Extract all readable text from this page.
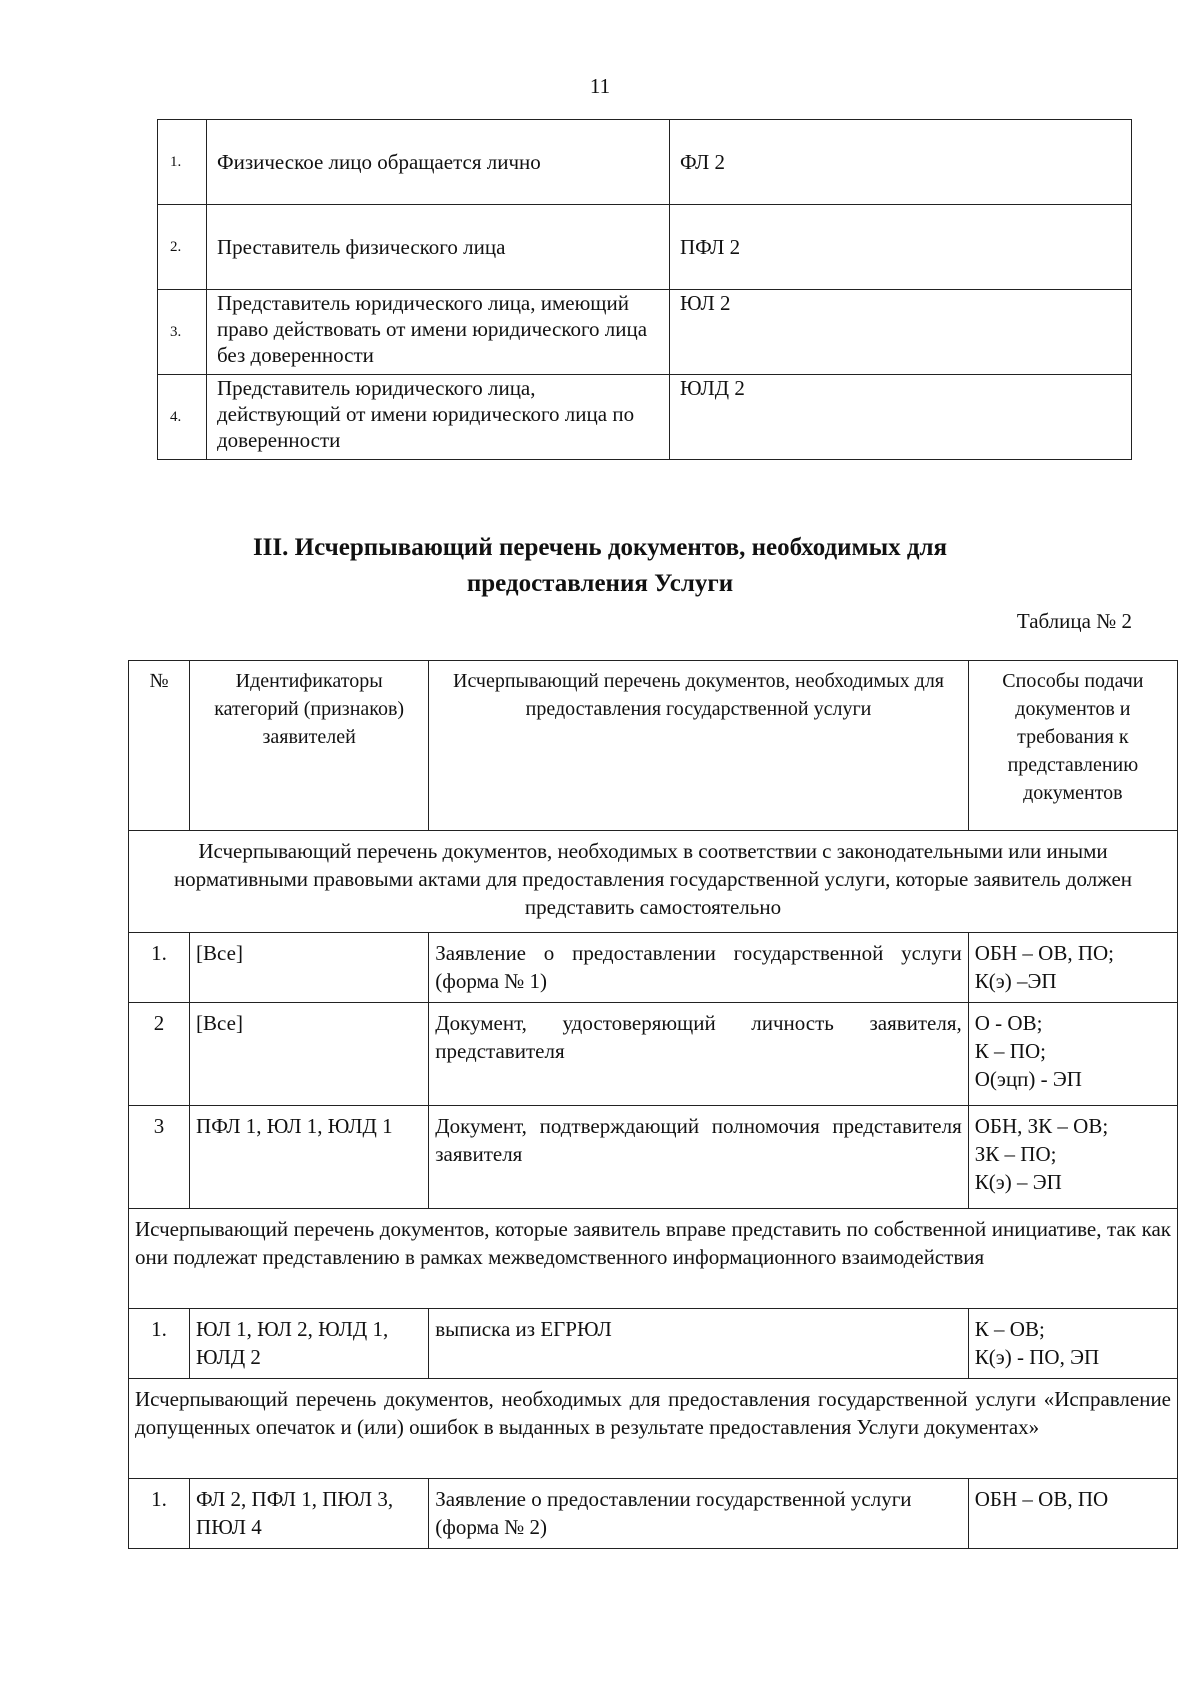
11
1.	Физическое лицо обращается лично	ФЛ 2
2.	Преставитель физического лица	ПФЛ 2
3.	Представитель юридического лица, имеющий право действовать от имени юридического лица без доверенности	ЮЛ 2
4.	Представитель юридического лица, действующий от имени юридического лица по доверенности	ЮЛД 2
III. Исчерпывающий перечень документов, необходимых для
предоставления Услуги
Таблица № 2
№	Идентификаторы категорий (признаков) заявителей	Исчерпывающий перечень документов, необходимых для предоставления государственной услуги	Способы подачи документов и требования к представлению документов
Исчерпывающий перечень документов, необходимых в соответствии с законодательными или иными нормативными правовыми актами для предоставления государственной услуги, которые заявитель должен представить самостоятельно			
1.	[Все]	Заявление о предоставлении государственной услуги (форма № 1)	ОБН – ОВ, ПО;
К(э) –ЭП

2	[Все]	Документ, удостоверяющий личность заявителя, представителя	О - ОВ;
К – ПО;
О(эцп) - ЭП

3	ПФЛ 1, ЮЛ 1, ЮЛД 1	Документ, подтверждающий полномочия представителя заявителя	ОБН, ЗК – ОВ;
ЗК – ПО;
К(э) – ЭП

Исчерпывающий перечень документов, которые заявитель вправе представить по собственной инициативе, так как они подлежат представлению в рамках межведомственного информационного взаимодействия			
1.	ЮЛ 1, ЮЛ 2, ЮЛД 1, ЮЛД 2	выписка из ЕГРЮЛ	К – ОВ;
К(э) - ПО, ЭП

Исчерпывающий перечень документов, необходимых для предоставления государственной услуги «Исправление допущенных опечаток и (или) ошибок в выданных в результате предоставления Услуги документах»			
1.	ФЛ 2, ПФЛ 1, ПЮЛ 3, ПЮЛ 4	Заявление о предоставлении государственной услуги (форма № 2)	ОБН – ОВ, ПО
